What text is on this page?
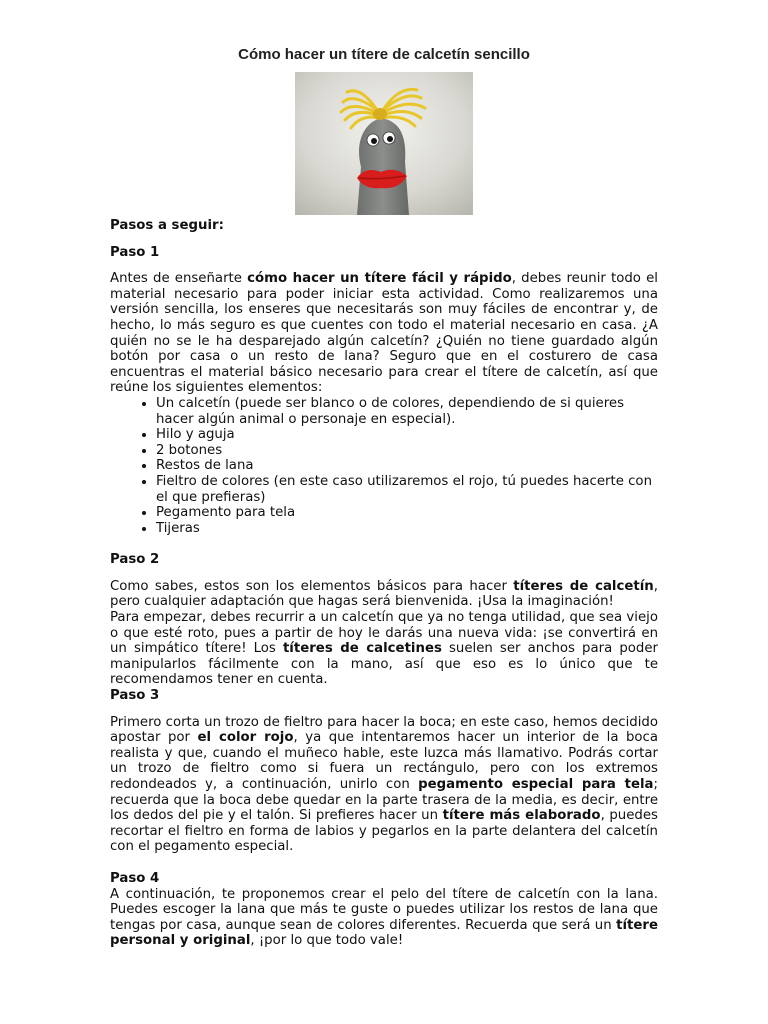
Cómo hacer un títere de calcetín sencillo

Pasos a seguir:

Paso 1

Antes de enseñarte cómo hacer un títere fácil y rápido, debes reunir todo el material necesario para poder iniciar esta actividad. Como realizaremos una versión sencilla, los enseres que necesitarás son muy fáciles de encontrar y, de hecho, lo más seguro es que cuentes con todo el material necesario en casa. ¿A quién no se le ha desparejado algún calcetín? ¿Quién no tiene guardado algún botón por casa o un resto de lana? Seguro que en el costurero de casa encuentras el material básico necesario para crear el títere de calcetín, así que reúne los siguientes elementos:

• Un calcetín (puede ser blanco o de colores, dependiendo de si quieres hacer algún animal o personaje en especial).
• Hilo y aguja
• 2 botones
• Restos de lana
• Fieltro de colores (en este caso utilizaremos el rojo, tú puedes hacerte con el que prefieras)
• Pegamento para tela
• Tijeras

Paso 2

Como sabes, estos son los elementos básicos para hacer títeres de calcetín, pero cualquier adaptación que hagas será bienvenida. ¡Usa la imaginación!

Para empezar, debes recurrir a un calcetín que ya no tenga utilidad, que sea viejo o que esté roto, pues a partir de hoy le darás una nueva vida: ¡se convertirá en un simpático títere! Los títeres de calcetines suelen ser anchos para poder manipularlos fácilmente con la mano, así que eso es lo único que te recomendamos tener en cuenta.

Paso 3

Primero corta un trozo de fieltro para hacer la boca; en este caso, hemos decidido apostar por el color rojo, ya que intentaremos hacer un interior de la boca realista y que, cuando el muñeco hable, este luzca más llamativo. Podrás cortar un trozo de fieltro como si fuera un rectángulo, pero con los extremos redondeados y, a continuación, unirlo con pegamento especial para tela; recuerda que la boca debe quedar en la parte trasera de la media, es decir, entre los dedos del pie y el talón. Si prefieres hacer un títere más elaborado, puedes recortar el fieltro en forma de labios y pegarlos en la parte delantera del calcetín con el pegamento especial.

Paso 4

A continuación, te proponemos crear el pelo del títere de calcetín con la lana. Puedes escoger la lana que más te guste o puedes utilizar los restos de lana que tengas por casa, aunque sean de colores diferentes. Recuerda que será un títere personal y original, ¡por lo que todo vale!
